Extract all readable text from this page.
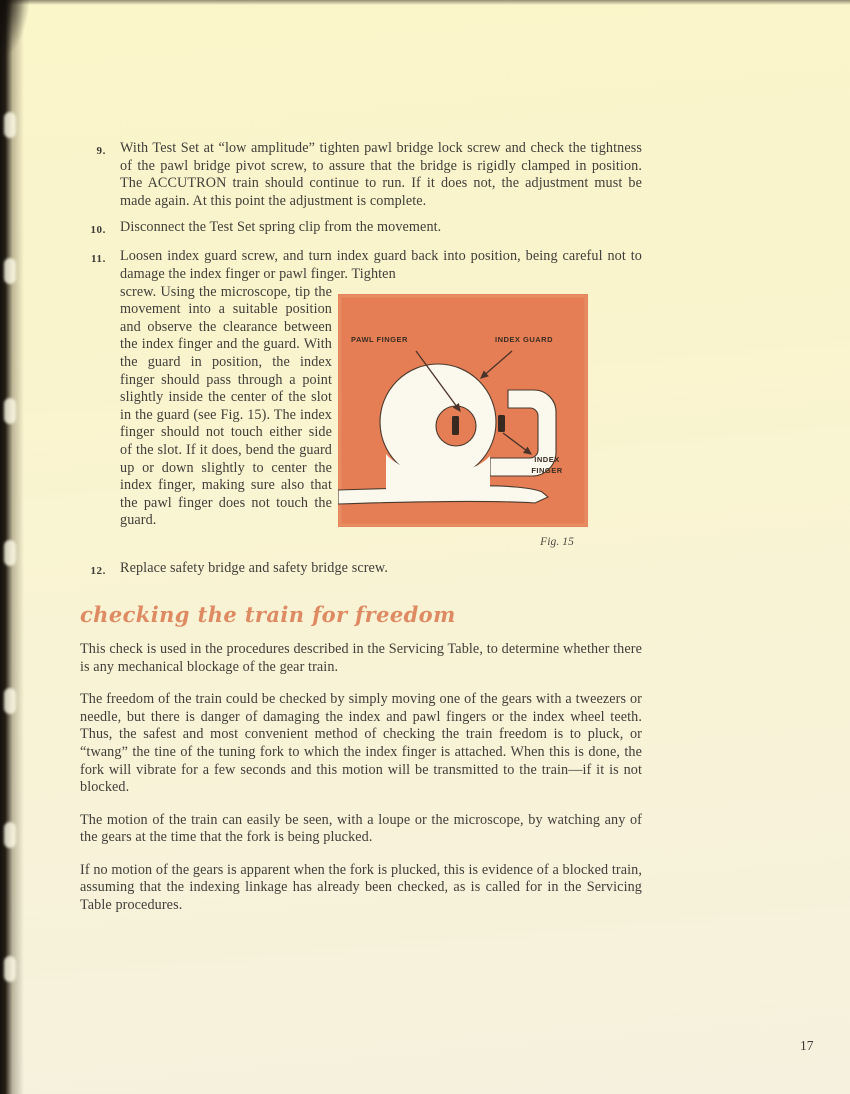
9. With Test Set at “low amplitude” tighten pawl bridge lock screw and check the tightness of the pawl bridge pivot screw, to assure that the bridge is rigidly clamped in position. The ACCUTRON train should continue to run. If it does not, the adjustment must be made again. At this point the adjustment is complete.

10. Disconnect the Test Set spring clip from the movement.

11. Loosen index guard screw, and turn index guard back into position, being careful not to damage the index finger or pawl finger. Tighten

screw. Using the microscope, tip the movement into a suitable position and observe the clearance between the index finger and the guard. With the guard in position, the index finger should pass through a point slightly inside the center of the slot in the guard (see Fig. 15). The index finger should not touch either side of the slot. If it does, bend the guard up or down slightly to center the index finger, making sure also that the pawl finger does not touch the guard.

PAWL FINGER	INDEX GUARD
INDEX FINGER
Fig. 15
12. Replace safety bridge and safety bridge screw.

checking the train for freedom

This check is used in the procedures described in the Servicing Table, to determine whether there is any mechanical blockage of the gear train.

The freedom of the train could be checked by simply moving one of the gears with a tweezers or needle, but there is danger of damaging the index and pawl fingers or the index wheel teeth. Thus, the safest and most convenient method of checking the train freedom is to pluck, or “twang” the tine of the tuning fork to which the index finger is attached. When this is done, the fork will vibrate for a few seconds and this motion will be transmitted to the train—if it is not blocked.

The motion of the train can easily be seen, with a loupe or the microscope, by watching any of the gears at the time that the fork is being plucked.

If no motion of the gears is apparent when the fork is plucked, this is evidence of a blocked train, assuming that the indexing linkage has already been checked, as is called for in the Servicing Table procedures.

17
